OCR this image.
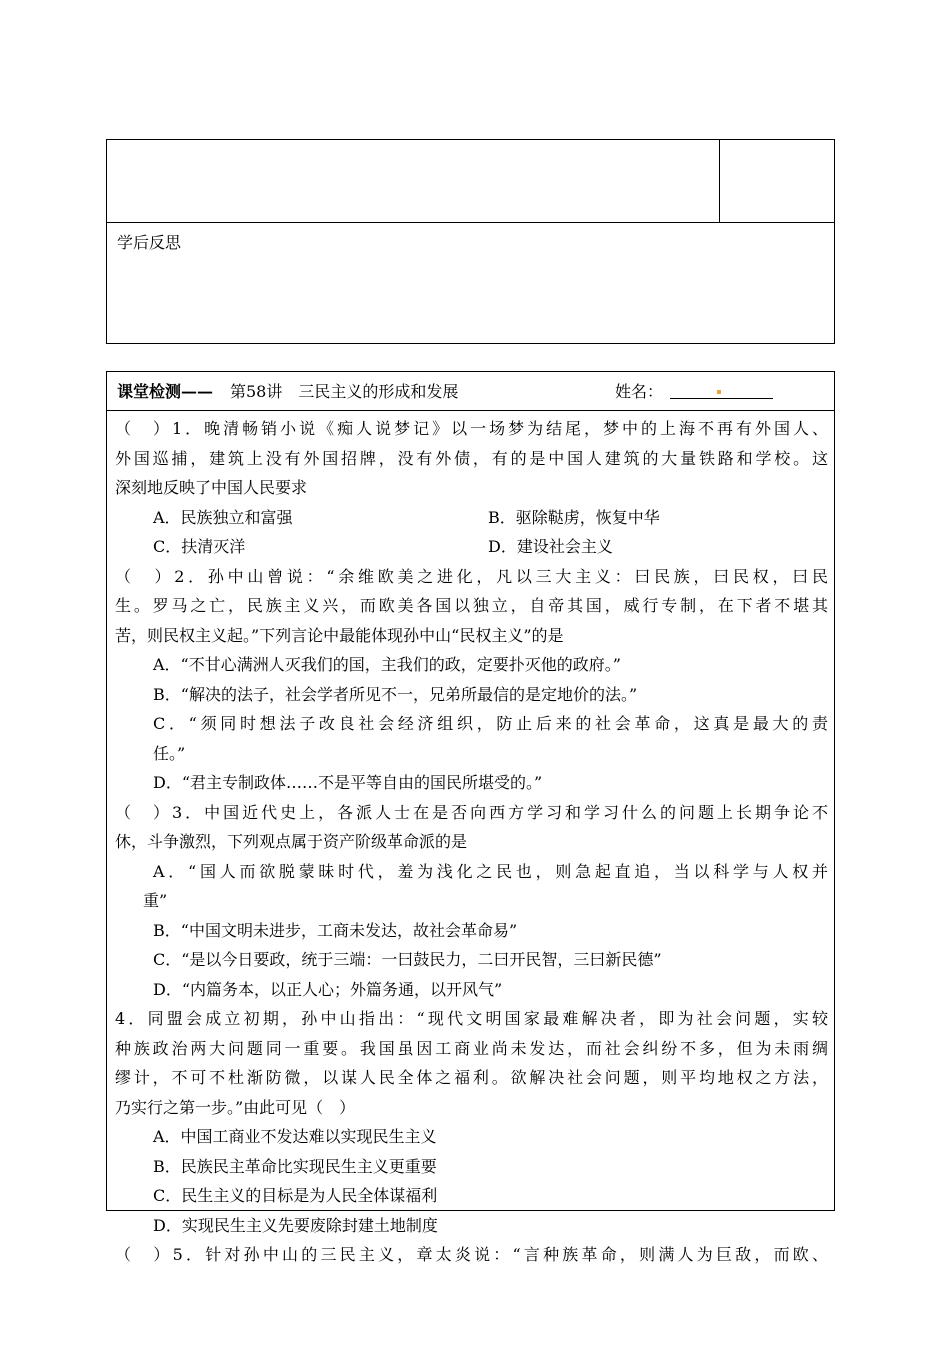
学后反思
课堂检测—— 第58讲　三民主义的形成和发展	姓名：
（　）1．晚清畅销小说《痴人说梦记》以一场梦为结尾，梦中的上海不再有外国人、
外国巡捕，建筑上没有外国招牌，没有外债，有的是中国人建筑的大量铁路和学校。这
深刻地反映了中国人民要求
A．民族独立和富强	B．驱除鞑虏，恢复中华
C．扶清灭洋	D．建设社会主义
（　）2．孙中山曾说：“余维欧美之进化，凡以三大主义：曰民族，曰民权，曰民
生。罗马之亡，民族主义兴，而欧美各国以独立，自帝其国，威行专制，在下者不堪其
苦，则民权主义起。”下列言论中最能体现孙中山“民权主义”的是
A．“不甘心满洲人灭我们的国，主我们的政，定要扑灭他的政府。”
B．“解决的法子，社会学者所见不一，兄弟所最信的是定地价的法。”
C．“须同时想法子改良社会经济组织，防止后来的社会革命，这真是最大的责
任。”
D．“君主专制政体……不是平等自由的国民所堪受的。”
（　）3．中国近代史上，各派人士在是否向西方学习和学习什么的问题上长期争论不
休，斗争激烈，下列观点属于资产阶级革命派的是
A．“国人而欲脱蒙昧时代，羞为浅化之民也，则急起直追，当以科学与人权并
重”
B．“中国文明未进步，工商未发达，故社会革命易”
C．“是以今日要政，统于三端：一曰鼓民力，二曰开民智，三曰新民德”
D．“内篇务本，以正人心；外篇务通，以开风气”
4．同盟会成立初期，孙中山指出：“现代文明国家最难解决者，即为社会问题，实较
种族政治两大问题同一重要。我国虽因工商业尚未发达，而社会纠纷不多，但为未雨绸
缪计，不可不杜渐防微，以谋人民全体之福利。欲解决社会问题，则平均地权之方法，
乃实行之第一步。”由此可见（　）
A．中国工商业不发达难以实现民生主义
B．民族民主革命比实现民生主义更重要
C．民生主义的目标是为人民全体谋福利
D．实现民生主义先要废除封建土地制度
（　）5．针对孙中山的三民主义，章太炎说：“言种族革命，则满人为巨敌，而欧、
